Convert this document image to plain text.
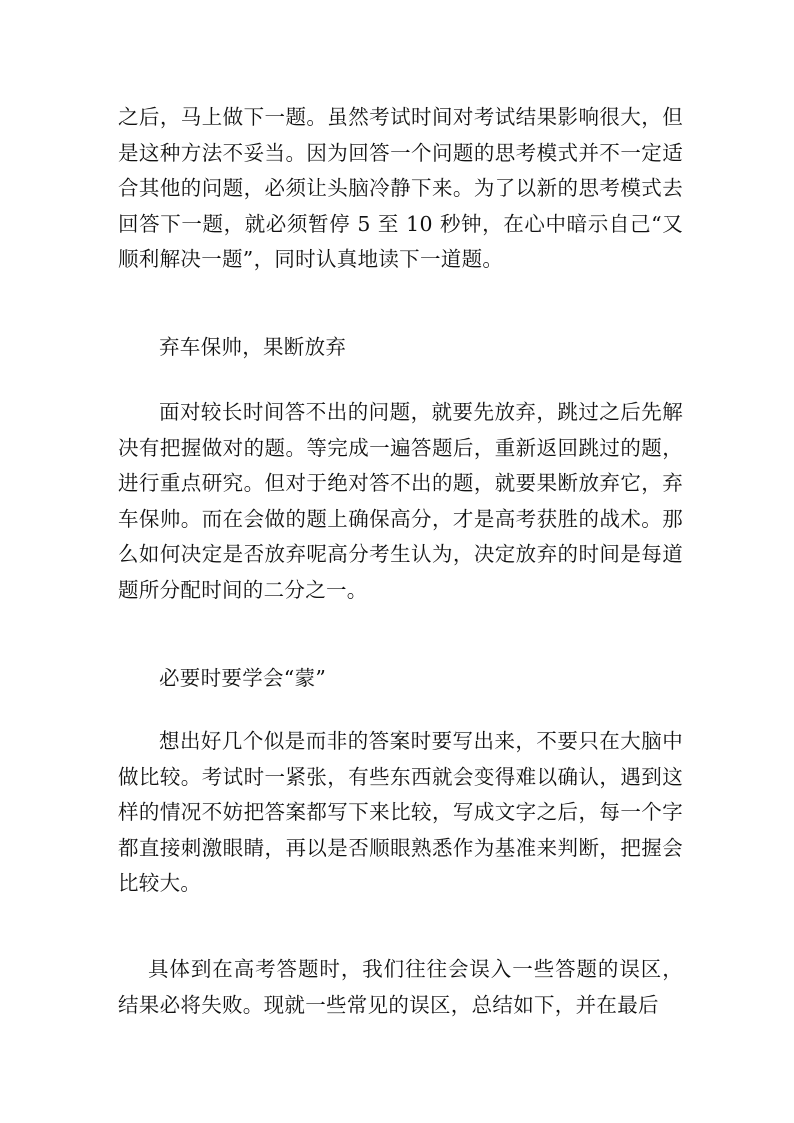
之后，马上做下一题。虽然考试时间对考试结果影响很大，但是这种方法不妥当。因为回答一个问题的思考模式并不一定适合其他的问题，必须让头脑冷静下来。为了以新的思考模式去回答下一题，就必须暂停 5 至 10 秒钟，在心中暗示自己“又顺利解决一题”，同时认真地读下一道题。

弃车保帅，果断放弃

面对较长时间答不出的问题，就要先放弃，跳过之后先解决有把握做对的题。等完成一遍答题后，重新返回跳过的题，进行重点研究。但对于绝对答不出的题，就要果断放弃它，弃车保帅。而在会做的题上确保高分，才是高考获胜的战术。那么如何决定是否放弃呢高分考生认为，决定放弃的时间是每道题所分配时间的二分之一。

必要时要学会“蒙”

想出好几个似是而非的答案时要写出来，不要只在大脑中做比较。考试时一紧张，有些东西就会变得难以确认，遇到这样的情况不妨把答案都写下来比较，写成文字之后，每一个字都直接刺激眼睛，再以是否顺眼熟悉作为基准来判断，把握会比较大。

具体到在高考答题时，我们往往会误入一些答题的误区，结果必将失败。现就一些常见的误区，总结如下，并在最后
